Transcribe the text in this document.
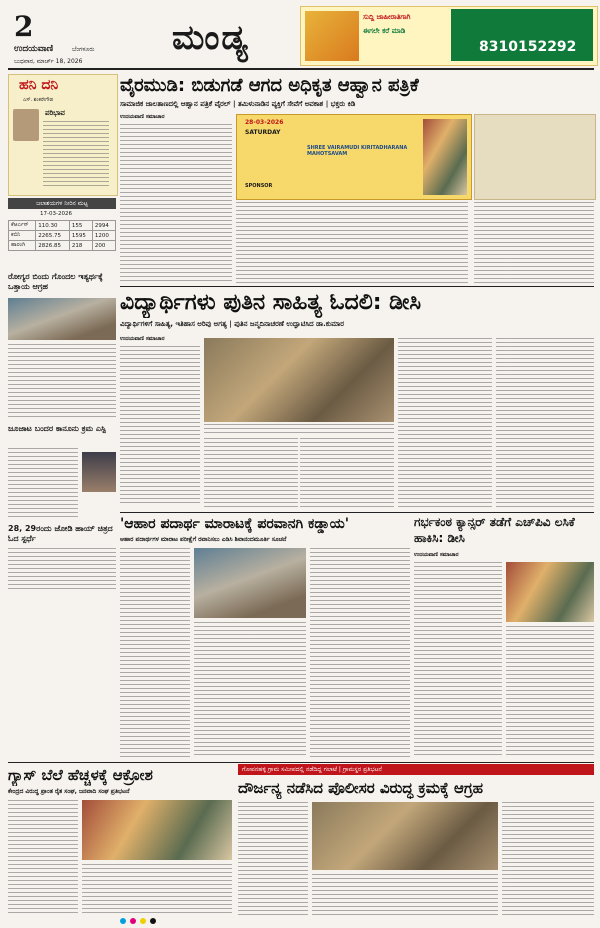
2
ಉದಯವಾಣಿ	ಬೆಂಗಳೂರು
ಬುಧವಾರ, ಮಾರ್ಚ್ 18, 2026
ಮಂಡ್ಯ
ಸುದ್ದಿ ಜಾಹೀರಾತಿಗಾಗಿ
ಈಗಲೇ ಕರೆ ಮಾಡಿ
8310152292
ಹನಿ ದನಿ
ಎಸ್. ಶಂಕರೇಗೌಡ
ಪರಿಭಾವ
ಜಲಾಶಯಗಳ ನೀರಿನ ಮಟ್ಟ
17-03-2026
ಕೆಆರ್ಎಸ್	110.30	155	2994
ಕಬಿನಿ	2265.75	1595	1200
ಹಾರಂಗಿ	2826.85	218	200
ರೋಗ್ಯರ ಬಿಂದು ಗೊಂದಲ ಇತ್ಯರ್ಥಕ್ಕೆ ಒತ್ತಾಯ ಆಗ್ರಹ
ಜೂಜಾಟ ಬಂದರ ಕಾನೂನು ಕ್ರಮ ಎಸ್ಪಿ
28, 29ರಂದು ಜೋಡಿ ಹಾಯ್ ಚಿತ್ರದ ಓದ ಸ್ಪರ್ಧೆ
ವೈರಮುಡಿ: ಬಿಡುಗಡೆ ಆಗದ ಅಧಿಕೃತ ಆಹ್ವಾನ ಪತ್ರಿಕೆ
ಸಾಮಾಜಿಕ ಜಾಲತಾಣದಲ್ಲಿ ಆಹ್ವಾನ ಪತ್ರಿಕೆ ವೈರಲ್ | ತಮಿಳುನಾಡಿನ ವ್ಯಕ್ತಿಗೆ ಸೇವೆಗೆ ಅವಕಾಶ | ಭಕ್ತರು ಕಿಡಿ
ಉದಯವಾಣಿ ಸಮಾಚಾರ
28-03-2026
SATURDAY
SHREE VAIRAMUDI KIRITADHARANA MAHOTSAVAM
SPONSOR
ವಿದ್ಯಾರ್ಥಿಗಳು ಪುತಿನ ಸಾಹಿತ್ಯ ಓದಲಿ: ಡೀಸಿ
ವಿದ್ಯಾರ್ಥಿಗಳಿಗೆ ಸಾಹಿತ್ಯ, ಇತಿಹಾಸ ಅರಿವು ಅಗತ್ಯ | ಪುತಿನ ಜನ್ಮದಿನಾಚರಣೆ ಉದ್ಘಾಟಿಸಿದ ಡಾ.ಕುಮಾರ
ಉದಯವಾಣಿ ಸಮಾಚಾರ
'ಆಹಾರ ಪದಾರ್ಥ ಮಾರಾಟಕ್ಕೆ ಪರವಾನಗಿ ಕಡ್ಡಾಯ'
ಆಹಾರ ಪದಾರ್ಥಗಳ ಮಾರಾಟ ಪರೀಕ್ಷೆಗೆ ರವಾನಿಸಲು ಎಡಿಸಿ ಶಿವಾನಂದಮೂರ್ತಿ ಸೂಚನೆ
ಗರ್ಭಕಂಠ ಕ್ಯಾನ್ಸರ್ ತಡೆಗೆ ಎಚ್‌ಪಿವಿ ಲಸಿಕೆ ಹಾಕಿಸಿ: ಡೀಸಿ
ಉದಯವಾಣಿ ಸಮಾಚಾರ
ಗ್ಯಾಸ್ ಬೆಲೆ ಹೆಚ್ಚಳಕ್ಕೆ ಆಕ್ರೋಶ
ಕೇಂದ್ರದ ವಿರುದ್ಧ ಪ್ರಾಂತ ರೈತ ಸಂಘ, ಜನವಾದಿ ಸಂಘ ಪ್ರತಿಭಟನೆ
ಗೋಪನಹಳ್ಳಿ ಗ್ರಾಮ ಸಮೀಪದಲ್ಲಿ ನಡೆದಿದ್ದ ಗಲಾಟೆ | ಗ್ರಾಮಸ್ಥರ ಪ್ರತಿಭಟನೆ
ದೌರ್ಜನ್ಯ ನಡೆಸಿದ ಪೊಲೀಸರ ವಿರುದ್ಧ ಕ್ರಮಕ್ಕೆ ಆಗ್ರಹ
